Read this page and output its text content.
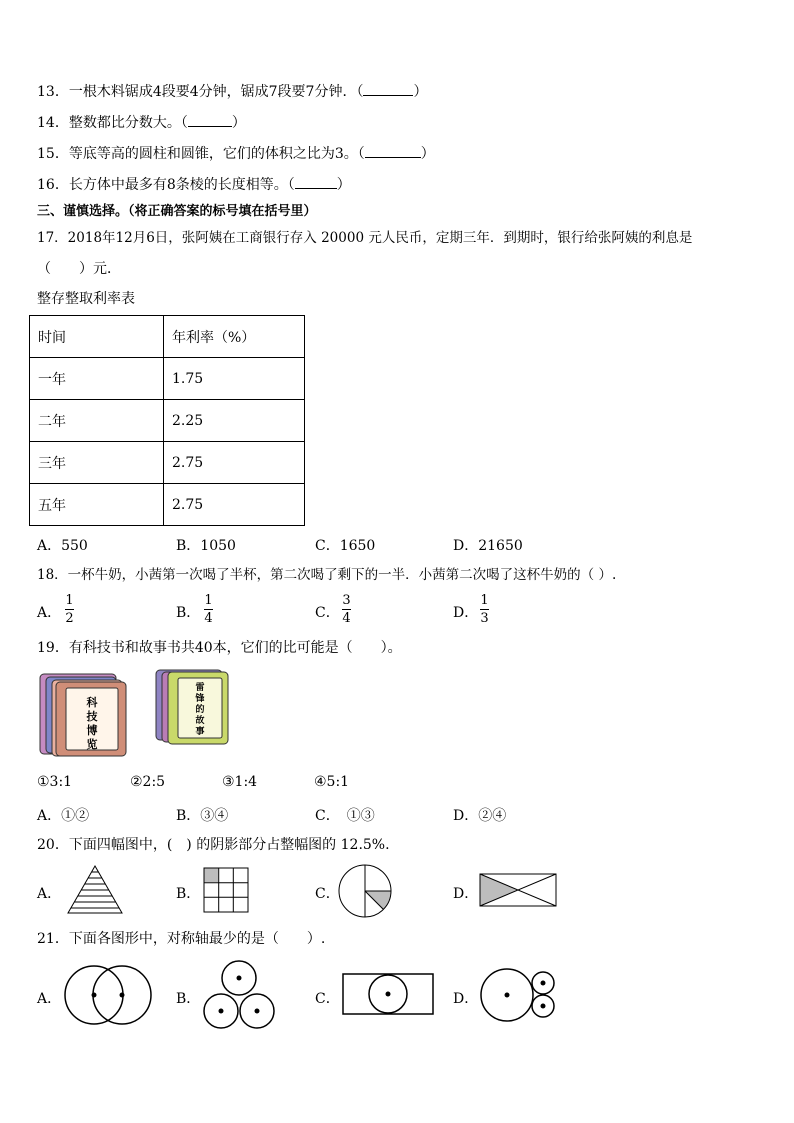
13．一根木料锯成4段要4分钟，锯成7段要7分钟．（	）
14．整数都比分数大。（	）
15．等底等高的圆柱和圆锥，它们的体积之比为3。（	）
16．长方体中最多有8条棱的长度相等。（	）
三、谨慎选择。（将正确答案的标号填在括号里）
17．2018年12月6日，张阿姨在工商银行存入 20000 元人民币，定期三年．到期时，银行给张阿姨的利息是
（　　）元．
整存整取利率表
时间	年利率（%）
一年	1.75
二年	2.25
三年	2.75
五年	2.75
A．550	B．1050	C．1650	D．21650
18．一杯牛奶，小茜第一次喝了半杯，第二次喝了剩下的一半．小茜第二次喝了这杯牛奶的（ ）.
A．
1
2	B．
1
4	C．
3
4	D．
1
3
19．有科技书和故事书共40本，它们的比可能是（　　）。
科
技
博
览
雷
锋
的
故
事
①3:1	②2:5	③1:4	④5:1
A．①②	B．③④	C．　①③	D．②④
20．下面四幅图中，(　) 的阴影部分占整幅图的 12.5%.
A．	B．	C．	D．
21．下面各图形中，对称轴最少的是（　　）.
A．	B．	C．	D．
